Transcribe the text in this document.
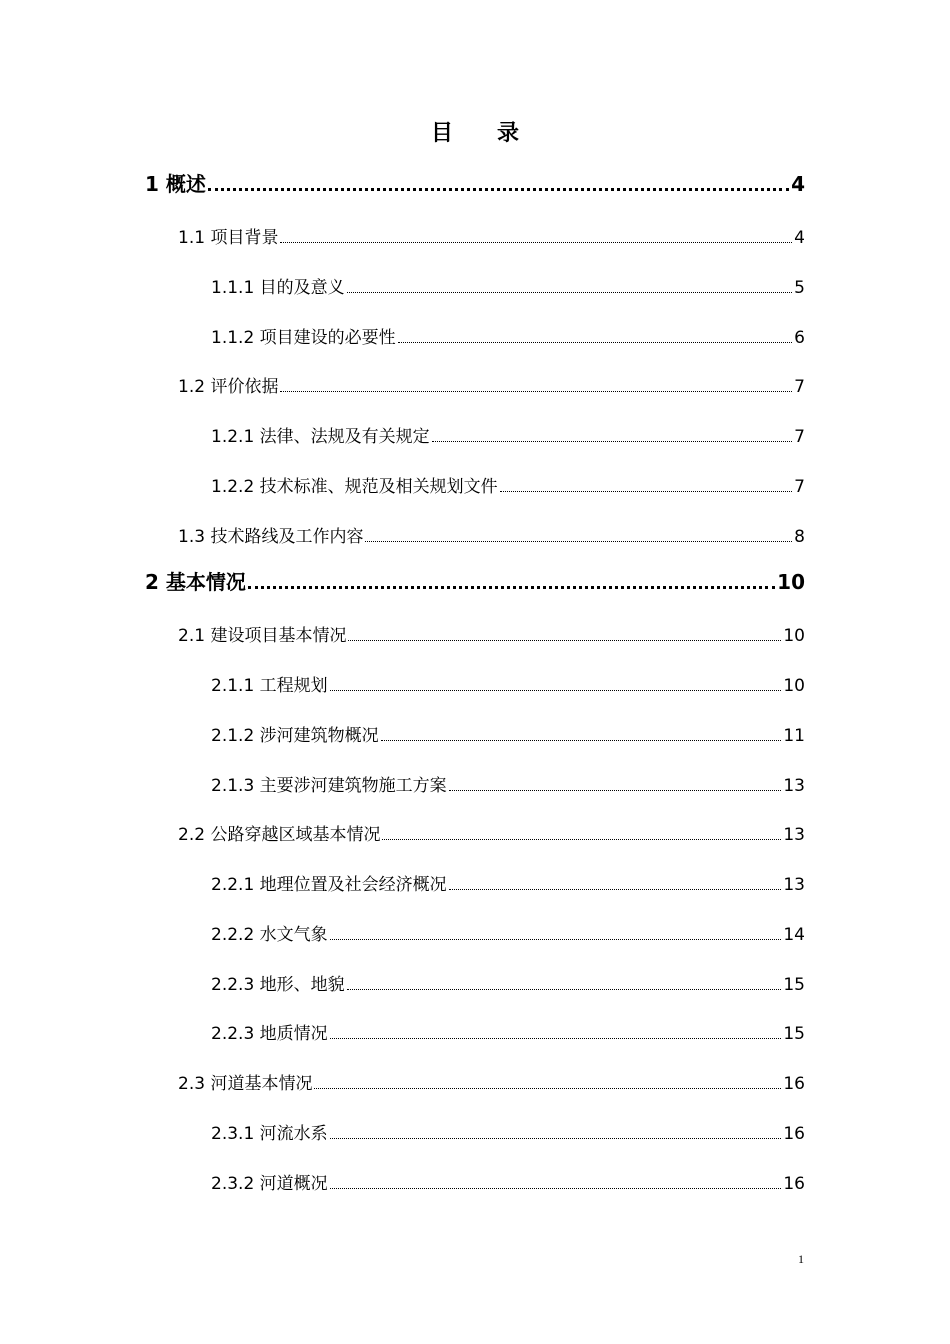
目 录
1 概述	4
1.1 项目背景	4
1.1.1 目的及意义	5
1.1.2 项目建设的必要性	6
1.2 评价依据	7
1.2.1 法律、法规及有关规定	7
1.2.2 技术标准、规范及相关规划文件	7
1.3 技术路线及工作内容	8
2 基本情况	10
2.1 建设项目基本情况	10
2.1.1 工程规划	10
2.1.2 涉河建筑物概况	11
2.1.3 主要涉河建筑物施工方案	13
2.2 公路穿越区域基本情况	13
2.2.1 地理位置及社会经济概况	13
2.2.2 水文气象	14
2.2.3 地形、地貌	15
2.2.3 地质情况	15
2.3 河道基本情况	16
2.3.1 河流水系	16
2.3.2 河道概况	16
1
